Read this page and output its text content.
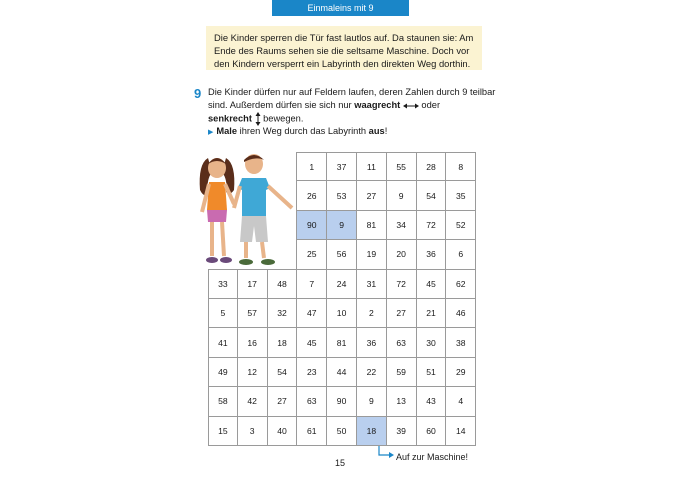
Einmaleins mit 9
Die Kinder sperren die Tür fast lautlos auf. Da staunen sie: Am Ende des Raums sehen sie die seltsame Maschine. Doch vor den Kindern versperrt ein Labyrinth den direkten Weg dorthin.
9 Die Kinder dürfen nur auf Feldern laufen, deren Zahlen durch 9 teilbar sind. Außerdem dürfen sie sich nur waagrecht  oder
senkrecht  bewegen.
▶ Male ihren Weg durch das Labyrinth aus!
1	37	11	55	28	8
26	53	27	9	54	35
90	9	81	34	72	52
25	56	19	20	36	6
33	17	48	7	24	31	72	45	62
5	57	32	47	10	2	27	21	46
41	16	18	45	81	36	63	30	38
49	12	54	23	44	22	59	51	29
58	42	27	63	90	9	13	43	4
15	3	40	61	50	18	39	60	14
Auf zur Maschine!
15
